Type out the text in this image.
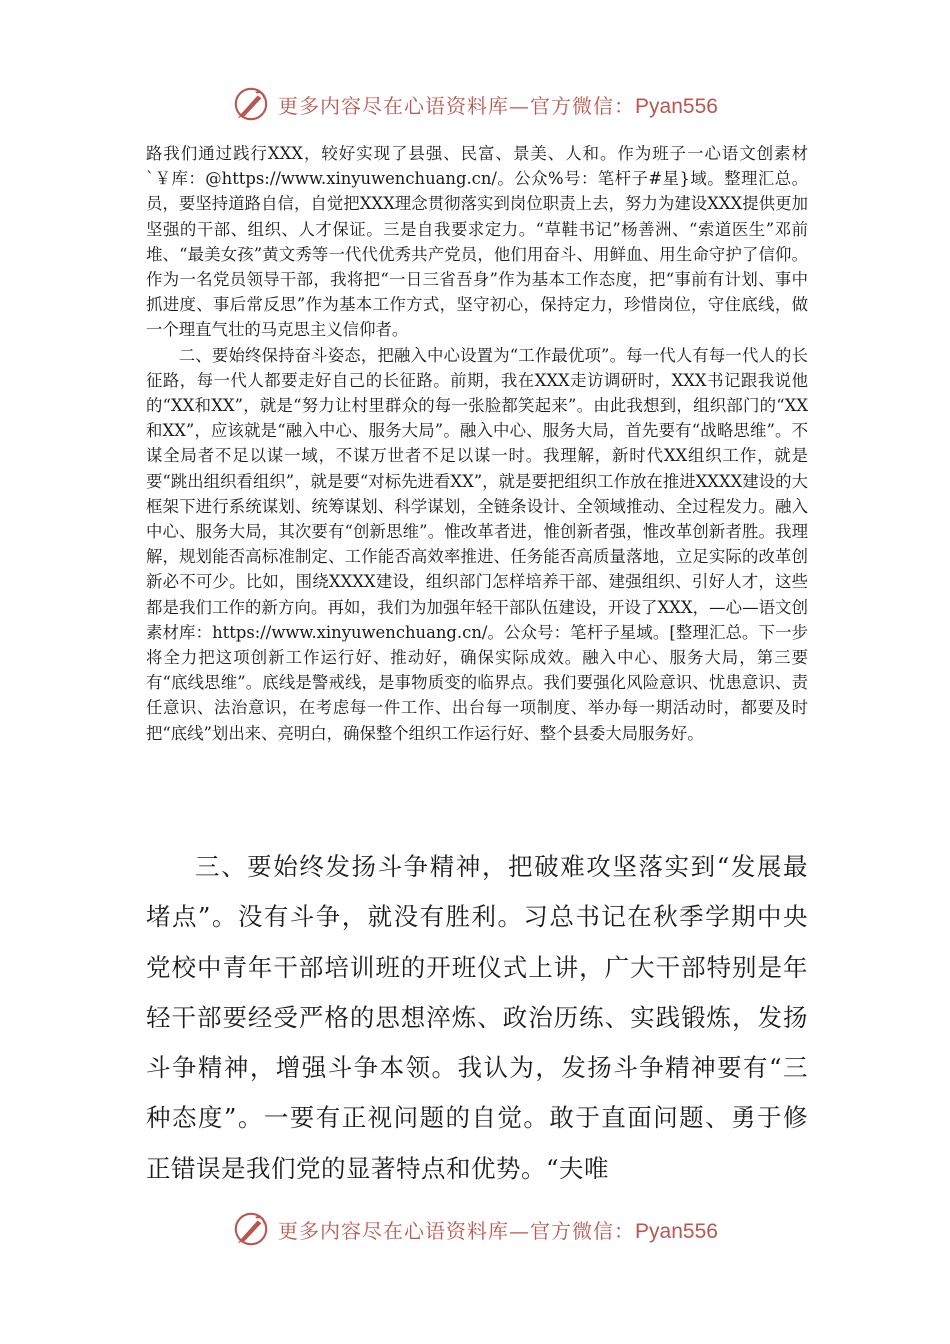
更多内容尽在心语资料库—官方微信：Pyan556

路我们通过践行XXX，较好实现了县强、民富、景美、人和。作为班子一心语文创素材`￥库：@https://www.xinyuwenchuang.cn/。公众%号：笔杆子#星}域。整理汇总。员，要坚持道路自信，自觉把XXX理念贯彻落实到岗位职责上去，努力为建设XXX提供更加坚强的干部、组织、人才保证。三是自我要求定力。“草鞋书记”杨善洲、“索道医生”邓前堆、“最美女孩”黄文秀等一代代优秀共产党员，他们用奋斗、用鲜血、用生命守护了信仰。作为一名党员领导干部，我将把“一日三省吾身”作为基本工作态度，把“事前有计划、事中抓进度、事后常反思”作为基本工作方式，坚守初心，保持定力，珍惜岗位，守住底线，做一个理直气壮的马克思主义信仰者。

二、要始终保持奋斗姿态，把融入中心设置为“工作最优项”。每一代人有每一代人的长征路，每一代人都要走好自己的长征路。前期，我在XXX走访调研时，XXX书记跟我说他的“XX和XX”，就是“努力让村里群众的每一张脸都笑起来”。由此我想到，组织部门的“XX和XX”，应该就是“融入中心、服务大局”。融入中心、服务大局，首先要有“战略思维”。不谋全局者不足以谋一域，不谋万世者不足以谋一时。我理解，新时代XX组织工作，就是要“跳出组织看组织”，就是要“对标先进看XX”，就是要把组织工作放在推进XXXX建设的大框架下进行系统谋划、统筹谋划、科学谋划，全链条设计、全领域推动、全过程发力。融入中心、服务大局，其次要有“创新思维”。惟改革者进，惟创新者强，惟改革创新者胜。我理解，规划能否高标准制定、工作能否高效率推进、任务能否高质量落地，立足实际的改革创新必不可少。比如，围绕XXXX建设，组织部门怎样培养干部、建强组织、引好人才，这些都是我们工作的新方向。再如，我们为加强年轻干部队伍建设，开设了XXX，—心—语文创素材库：https://www.xinyuwenchuang.cn/。公众号：笔杆子星域。[整理汇总。下一步将全力把这项创新工作运行好、推动好，确保实际成效。融入中心、服务大局，第三要有“底线思维”。底线是警戒线，是事物质变的临界点。我们要强化风险意识、忧患意识、责任意识、法治意识，在考虑每一件工作、出台每一项制度、举办每一期活动时，都要及时把“底线”划出来、亮明白，确保整个组织工作运行好、整个县委大局服务好。

三、要始终发扬斗争精神，把破难攻坚落实到“发展最堵点”。没有斗争，就没有胜利。习总书记在秋季学期中央党校中青年干部培训班的开班仪式上讲，广大干部特别是年轻干部要经受严格的思想淬炼、政治历练、实践锻炼，发扬斗争精神，增强斗争本领。我认为，发扬斗争精神要有“三种态度”。一要有正视问题的自觉。敢于直面问题、勇于修正错误是我们党的显著特点和优势。“夫唯

更多内容尽在心语资料库—官方微信：Pyan556
